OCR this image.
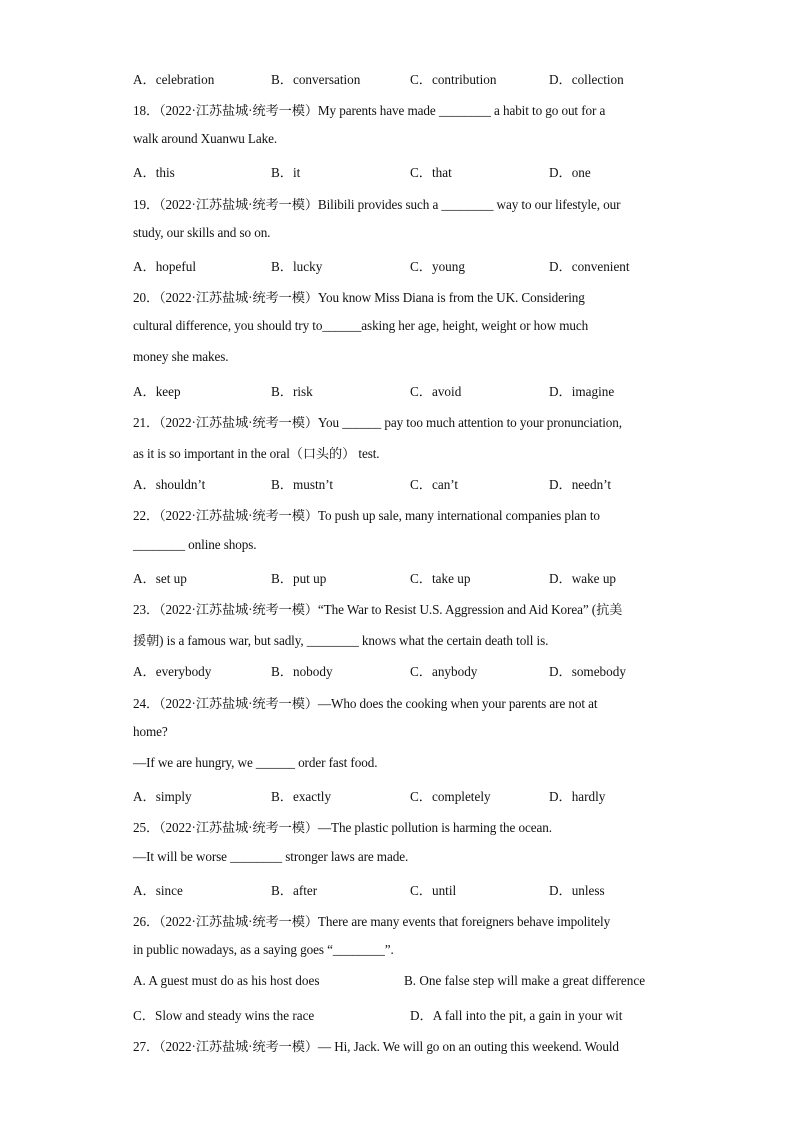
A．celebration	B．conversation	C．contribution	D．collection
18．（2022·江苏盐城·统考一模）My parents have made ________ a habit to go out for a
walk around Xuanwu Lake.
A．this	B．it	C．that	D．one
19．（2022·江苏盐城·统考一模）Bilibili provides such a ________ way to our lifestyle, our
study, our skills and so on.
A．hopeful	B．lucky	C．young	D．convenient
20．（2022·江苏盐城·统考一模）You know Miss Diana is from the UK. Considering
cultural difference, you should try to______asking her age, height, weight or how much
money she makes.
A．keep	B．risk	C．avoid	D．imagine
21．（2022·江苏盐城·统考一模）You ______ pay too much attention to your pronunciation,
as it is so important in the oral（口头的） test.
A．shouldn’t	B．mustn’t	C．can’t	D．needn’t
22．（2022·江苏盐城·统考一模）To push up sale, many international companies plan to
________ online shops.
A．set up	B．put up	C．take up	D．wake up
23．（2022·江苏盐城·统考一模）“The War to Resist U.S. Aggression and Aid Korea” (抗美
援朝) is a famous war, but sadly, ________ knows what the certain death toll is.
A．everybody	B．nobody	C．anybody	D．somebody
24．（2022·江苏盐城·统考一模）—Who does the cooking when your parents are not at
home?
—If we are hungry, we ______ order fast food.
A．simply	B．exactly	C．completely	D．hardly
25．（2022·江苏盐城·统考一模）—The plastic pollution is harming the ocean.
—It will be worse ________ stronger laws are made.
A．since	B．after	C．until	D．unless
26．（2022·江苏盐城·统考一模）There are many events that foreigners behave impolitely
in public nowadays, as a saying goes “________”.
A. A guest must do as his host does	B. One false step will make a great difference
C．Slow and steady wins the race	D．A fall into the pit, a gain in your wit
27．（2022·江苏盐城·统考一模）— Hi, Jack. We will go on an outing this weekend. Would
